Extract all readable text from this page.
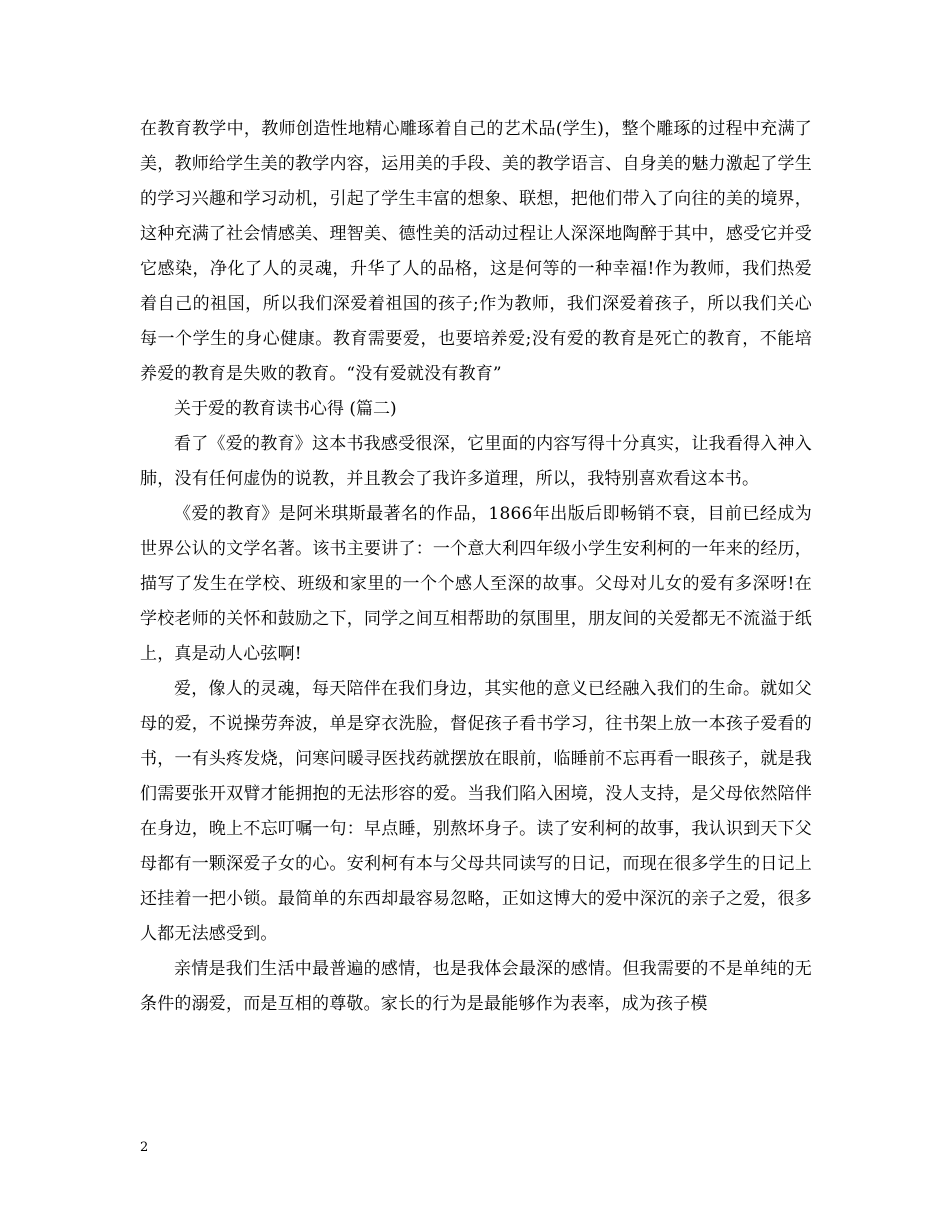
在教育教学中，教师创造性地精心雕琢着自己的艺术品(学生)，整个雕琢的过程中充满了美，教师给学生美的教学内容，运用美的手段、美的教学语言、自身美的魅力激起了学生的学习兴趣和学习动机，引起了学生丰富的想象、联想，把他们带入了向往的美的境界，这种充满了社会情感美、理智美、德性美的活动过程让人深深地陶醉于其中，感受它并受它感染，净化了人的灵魂，升华了人的品格，这是何等的一种幸福!作为教师，我们热爱着自己的祖国，所以我们深爱着祖国的孩子;作为教师，我们深爱着孩子，所以我们关心每一个学生的身心健康。教育需要爱，也要培养爱;没有爱的教育是死亡的教育，不能培养爱的教育是失败的教育。“没有爱就没有教育”

关于爱的教育读书心得 (篇二)

看了《爱的教育》这本书我感受很深，它里面的内容写得十分真实，让我看得入神入肺，没有任何虚伪的说教，并且教会了我许多道理，所以，我特别喜欢看这本书。

《爱的教育》是阿米琪斯最著名的作品，1866年出版后即畅销不衰，目前已经成为世界公认的文学名著。该书主要讲了：一个意大利四年级小学生安利柯的一年来的经历，描写了发生在学校、班级和家里的一个个感人至深的故事。父母对儿女的爱有多深呀!在学校老师的关怀和鼓励之下，同学之间互相帮助的氛围里，朋友间的关爱都无不流溢于纸上，真是动人心弦啊!

爱，像人的灵魂，每天陪伴在我们身边，其实他的意义已经融入我们的生命。就如父母的爱，不说操劳奔波，单是穿衣洗脸，督促孩子看书学习，往书架上放一本孩子爱看的书，一有头疼发烧，问寒问暖寻医找药就摆放在眼前，临睡前不忘再看一眼孩子，就是我们需要张开双臂才能拥抱的无法形容的爱。当我们陷入困境，没人支持，是父母依然陪伴在身边，晚上不忘叮嘱一句：早点睡，别熬坏身子。读了安利柯的故事，我认识到天下父母都有一颗深爱子女的心。安利柯有本与父母共同读写的日记，而现在很多学生的日记上还挂着一把小锁。最简单的东西却最容易忽略，正如这博大的爱中深沉的亲子之爱，很多人都无法感受到。

亲情是我们生活中最普遍的感情，也是我体会最深的感情。但我需要的不是单纯的无条件的溺爱，而是互相的尊敬。家长的行为是最能够作为表率，成为孩子模

2
